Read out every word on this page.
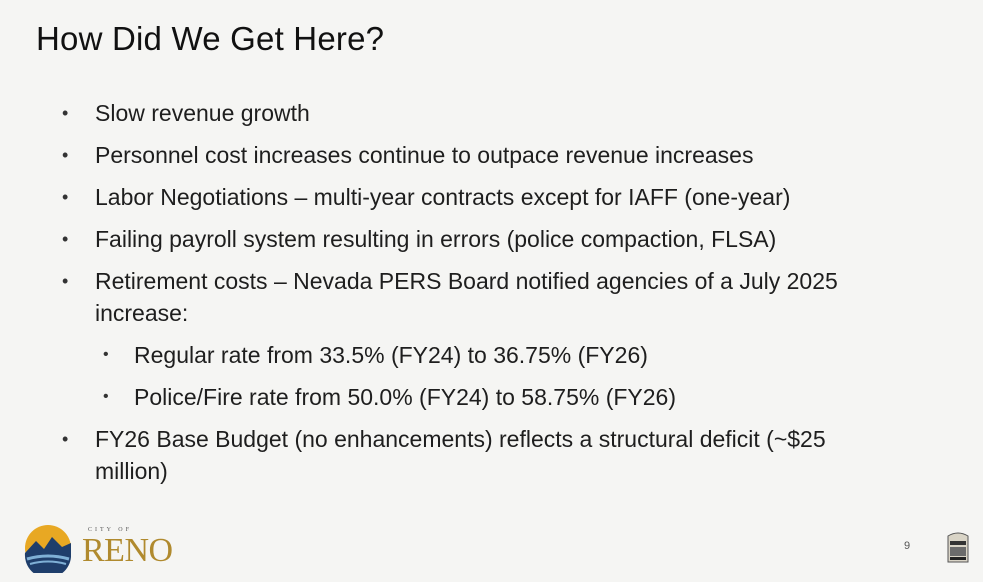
How Did We Get Here?
• Slow revenue growth
• Personnel cost increases continue to outpace revenue increases
• Labor Negotiations – multi-year contracts except for IAFF (one-year)
• Failing payroll system resulting in errors (police compaction, FLSA)
• Retirement costs – Nevada PERS Board notified agencies of a July 2025 increase:
• Regular rate from 33.5% (FY24) to 36.75% (FY26)
• Police/Fire rate from 50.0% (FY24) to 58.75% (FY26)
• FY26 Base Budget (no enhancements) reflects a structural deficit (~$25 million)
CITY OF
RENO	9
